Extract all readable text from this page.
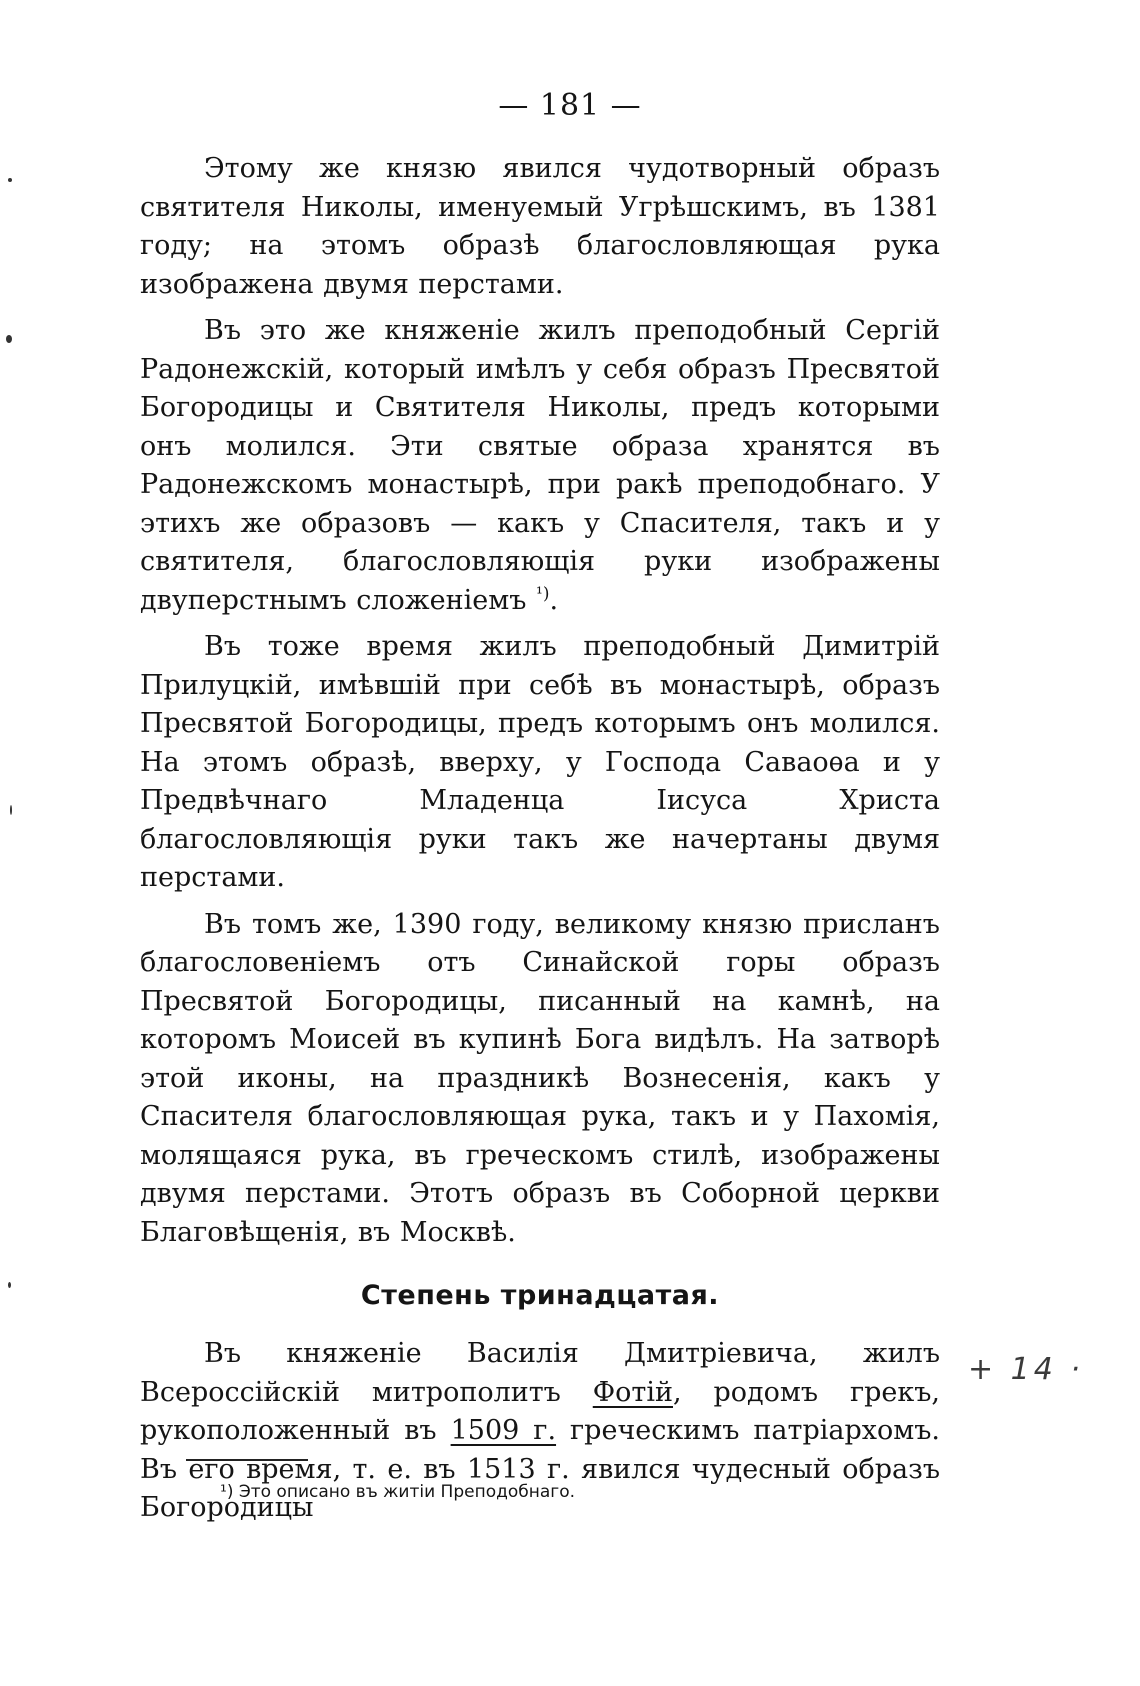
— 181 —

Этому же князю явился чудотворный образъ святителя Николы, именуемый Угрѣшскимъ, въ 1381 году; на этомъ образѣ благословляющая рука изображена двумя перстами.

Въ это же княженіе жилъ преподобный Сергій Радонежскій, который имѣлъ у себя образъ Пресвятой Богородицы и Святителя Николы, предъ которыми онъ молился. Эти святые образа хранятся въ Радонежскомъ монастырѣ, при ракѣ преподобнаго. У этихъ же образовъ — какъ у Спасителя, такъ и у святителя, благословляющія руки изображены двуперстнымъ сложеніемъ $^{^1)}$.

Въ тоже время жилъ преподобный Димитрій Прилуцкій, имѣвшій при себѣ въ монастырѣ, образъ Пресвятой Богородицы, предъ которымъ онъ молился. На этомъ образѣ, вверху, у Господа Саваоѳа и у Предвѣчнаго Младенца Іисуса Христа благословляющія руки такъ же начертаны двумя перстами.

Въ томъ же, 1390 году, великому князю присланъ благословеніемъ отъ Синайской горы образъ Пресвятой Богородицы, писанный на камнѣ, на которомъ Моисей въ купинѣ Бога видѣлъ. На затворѣ этой иконы, на праздникѣ Вознесенія, какъ у Спасителя благословляющая рука, такъ и у Пахомія, молящаяся рука, въ греческомъ стилѣ, изображены двумя перстами. Этотъ образъ въ Соборной церкви Благовѣщенія, въ Москвѣ.

Степень тринадцатая.

Въ княженіе Василія Дмитріевича, жилъ Всероссійскій митрополитъ Фотій, родомъ грекъ, рукоположенный въ 1509 г. греческимъ патріархомъ. Въ его время, т. е. въ 1513 г. явился чудесный образъ Богородицы

+ 14 ·
¹) Это описано въ житіи Преподобнаго.
